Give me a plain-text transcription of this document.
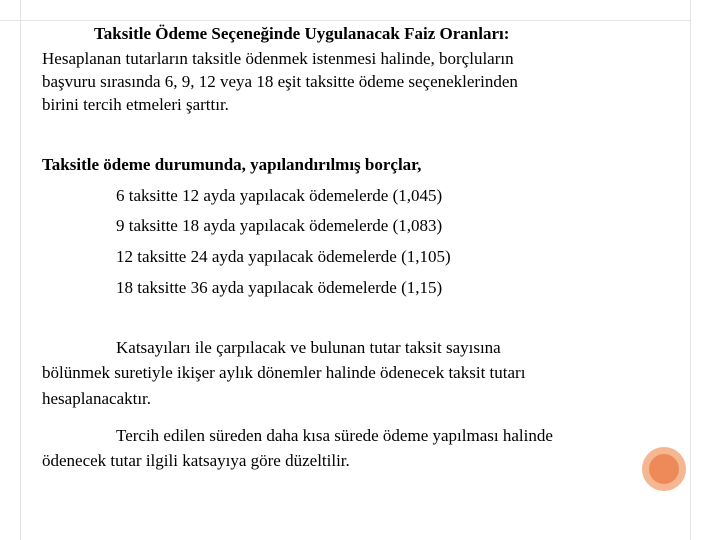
Taksitle Ödeme Seçeneğinde Uygulanacak Faiz Oranları:
Hesaplanan tutarların taksitle ödenmek istenmesi halinde, borçluların
başvuru sırasında 6, 9, 12 veya 18 eşit taksitte ödeme seçeneklerinden
birini tercih etmeleri şarttır.
Taksitle ödeme durumunda, yapılandırılmış borçlar,
6 taksitte 12 ayda yapılacak ödemelerde (1,045)
9 taksitte 18 ayda yapılacak ödemelerde (1,083)
12 taksitte 24 ayda yapılacak ödemelerde (1,105)
18 taksitte 36 ayda yapılacak ödemelerde (1,15)
Katsayıları ile çarpılacak ve bulunan tutar taksit sayısına
bölünmek suretiyle ikişer aylık dönemler halinde ödenecek taksit tutarı
hesaplanacaktır.
Tercih edilen süreden daha kısa sürede ödeme yapılması halinde
ödenecek tutar ilgili katsayıya göre düzeltilir.
